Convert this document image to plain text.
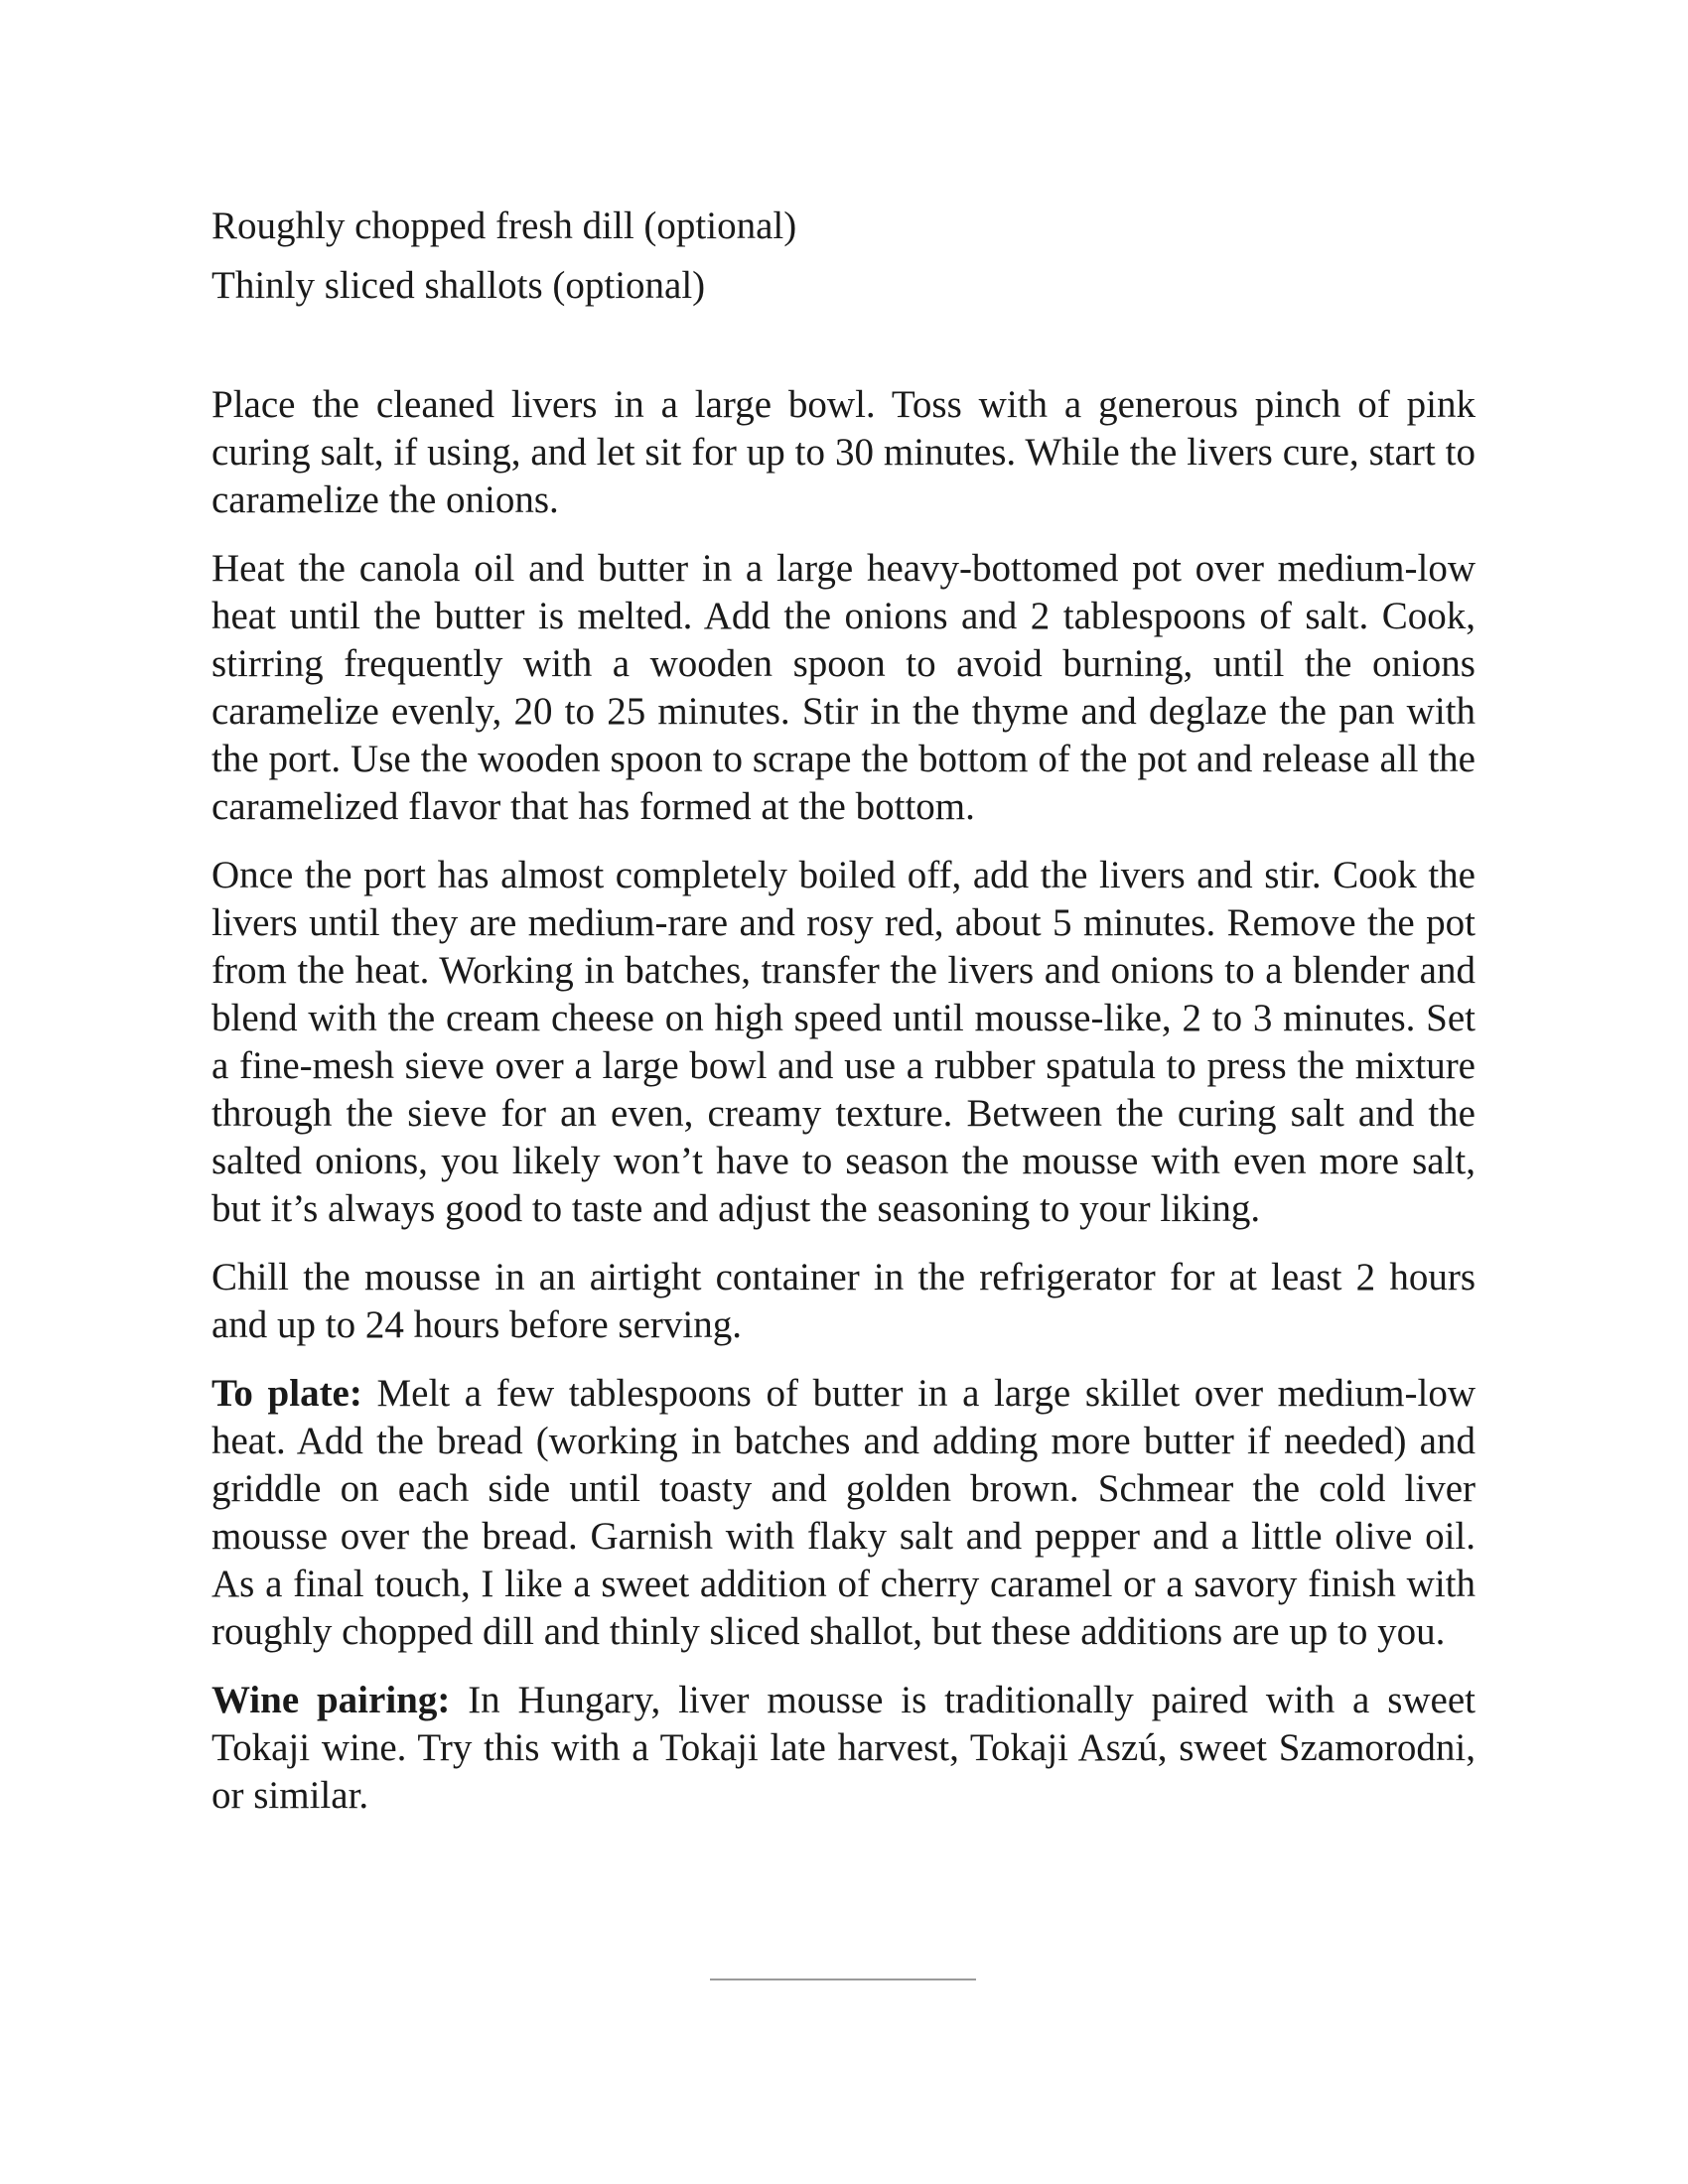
Roughly chopped fresh dill (optional)

Thinly sliced shallots (optional)

Place the cleaned livers in a large bowl. Toss with a generous pinch of pink curing salt, if using, and let sit for up to 30 minutes. While the livers cure, start to caramelize the onions.

Heat the canola oil and butter in a large heavy-bottomed pot over medium-low heat until the butter is melted. Add the onions and 2 tablespoons of salt. Cook, stirring frequently with a wooden spoon to avoid burning, until the onions caramelize evenly, 20 to 25 minutes. Stir in the thyme and deglaze the pan with the port. Use the wooden spoon to scrape the bottom of the pot and release all the caramelized flavor that has formed at the bottom.

Once the port has almost completely boiled off, add the livers and stir. Cook the livers until they are medium-rare and rosy red, about 5 minutes. Remove the pot from the heat. Working in batches, transfer the livers and onions to a blender and blend with the cream cheese on high speed until mousse-like, 2 to 3 minutes. Set a fine-mesh sieve over a large bowl and use a rubber spatula to press the mixture through the sieve for an even, creamy texture. Between the curing salt and the salted onions, you likely won’t have to season the mousse with even more salt, but it’s always good to taste and adjust the seasoning to your liking.

Chill the mousse in an airtight container in the refrigerator for at least 2 hours and up to 24 hours before serving.

To plate: Melt a few tablespoons of butter in a large skillet over medium-low heat. Add the bread (working in batches and adding more butter if needed) and griddle on each side until toasty and golden brown. Schmear the cold liver mousse over the bread. Garnish with flaky salt and pepper and a little olive oil. As a final touch, I like a sweet addition of cherry caramel or a savory finish with roughly chopped dill and thinly sliced shallot, but these additions are up to you.

Wine pairing: In Hungary, liver mousse is traditionally paired with a sweet Tokaji wine. Try this with a Tokaji late harvest, Tokaji Aszú, sweet Szamorodni, or similar.
